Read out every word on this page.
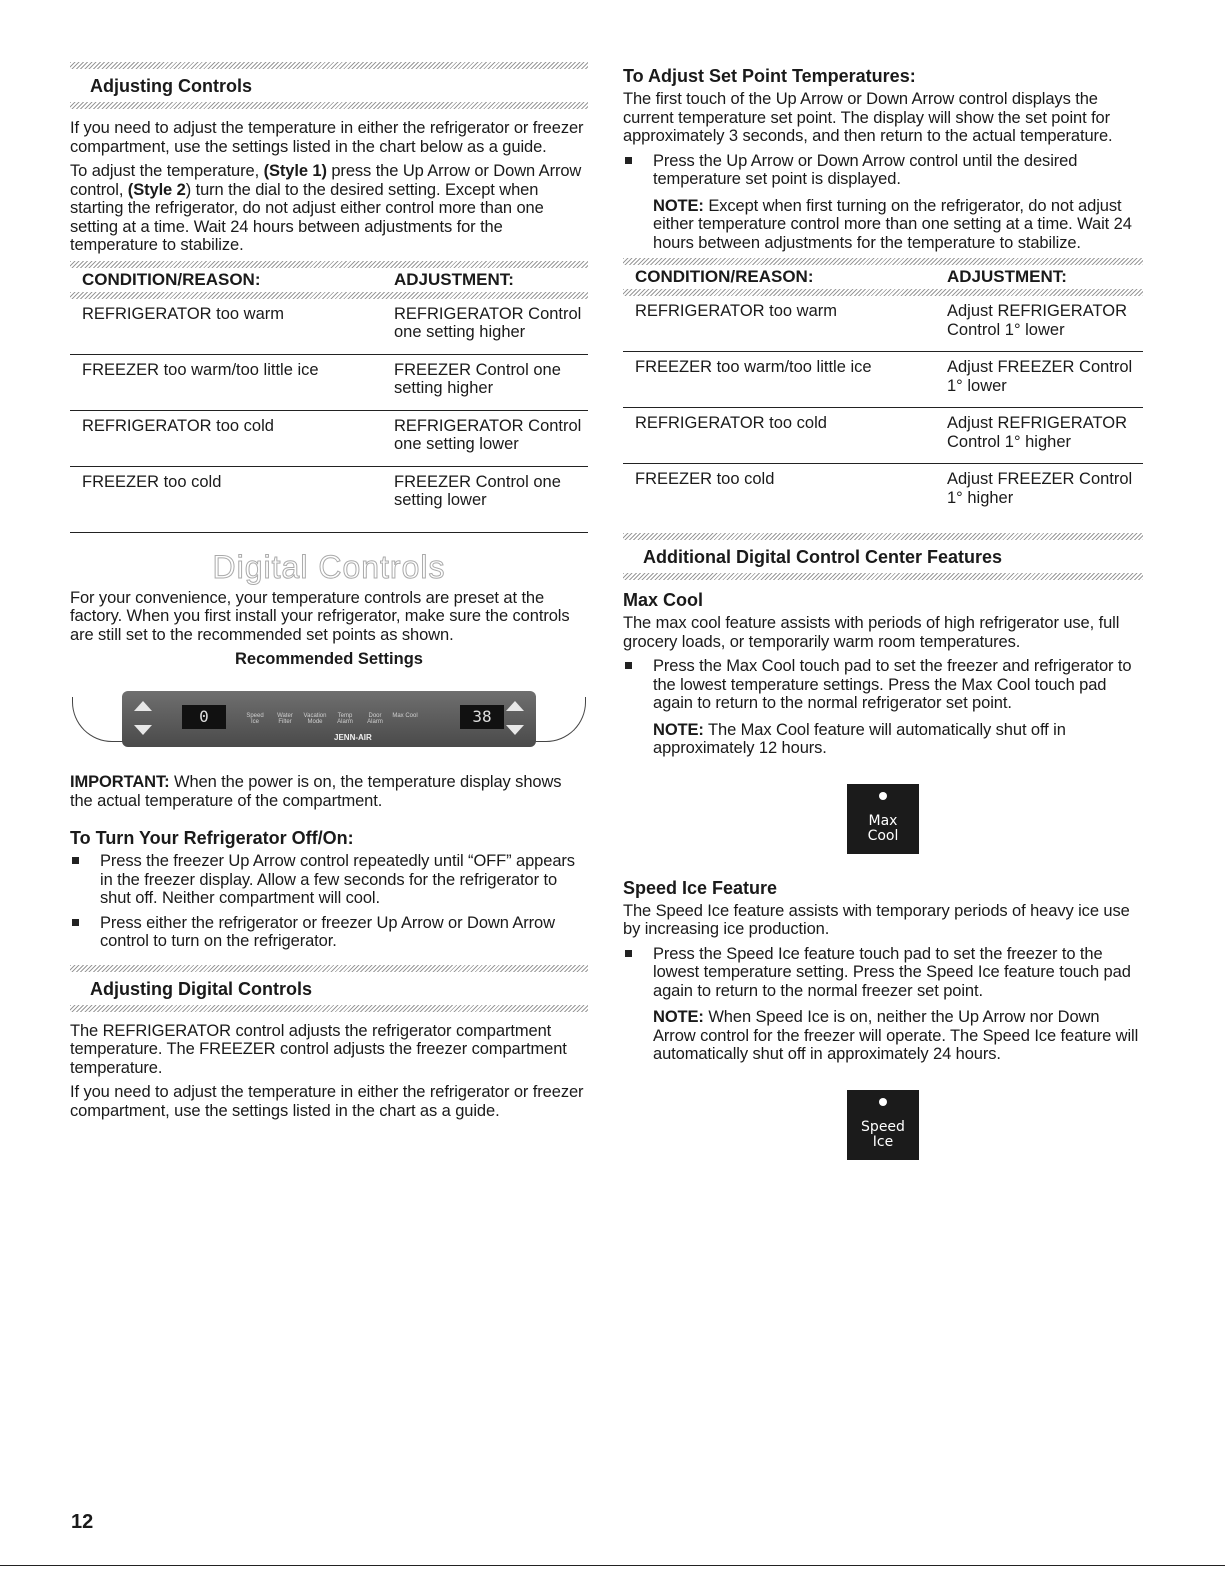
Adjusting Controls

If you need to adjust the temperature in either the refrigerator or freezer compartment, use the settings listed in the chart below as a guide.

To adjust the temperature, (Style 1) press the Up Arrow or Down Arrow control, (Style 2) turn the dial to the desired setting. Except when starting the refrigerator, do not adjust either control more than one setting at a time. Wait 24 hours between adjustments for the temperature to stabilize.

CONDITION/REASON:	ADJUSTMENT:

REFRIGERATOR too warm	REFRIGERATOR Control one setting higher
FREEZER too warm/too little ice	FREEZER Control one setting higher
REFRIGERATOR too cold	REFRIGERATOR Control one setting lower
FREEZER too cold	FREEZER Control one setting lower
Digital Controls

For your convenience, your temperature controls are preset at the factory. When you first install your refrigerator, make sure the controls are still set to the recommended set points as shown.

Recommended Settings
0	Speed Ice
Water Filter
Vacation Mode
Temp Alarm
Door Alarm
Max Cool
JENN-AIR
38

IMPORTANT: When the power is on, the temperature display shows the actual temperature of the compartment.

To Turn Your Refrigerator Off/On:

Press the freezer Up Arrow control repeatedly until “OFF” appears in the freezer display. Allow a few seconds for the refrigerator to shut off. Neither compartment will cool.

Press either the refrigerator or freezer Up Arrow or Down Arrow control to turn on the refrigerator.

Adjusting Digital Controls

The REFRIGERATOR control adjusts the refrigerator compartment temperature. The FREEZER control adjusts the freezer compartment temperature.

If you need to adjust the temperature in either the refrigerator or freezer compartment, use the settings listed in the chart as a guide.

To Adjust Set Point Temperatures:

The first touch of the Up Arrow or Down Arrow control displays the current temperature set point. The display will show the set point for approximately 3 seconds, and then return to the actual temperature.

Press the Up Arrow or Down Arrow control until the desired temperature set point is displayed.

NOTE: Except when first turning on the refrigerator, do not adjust either temperature control more than one setting at a time. Wait 24 hours between adjustments for the temperature to stabilize.

CONDITION/REASON:	ADJUSTMENT:

REFRIGERATOR too warm	Adjust REFRIGERATOR Control 1° lower
FREEZER too warm/too little ice	Adjust FREEZER Control 1° lower
REFRIGERATOR too cold	Adjust REFRIGERATOR Control 1° higher
FREEZER too cold	Adjust FREEZER Control 1° higher
Additional Digital Control Center Features
Max Cool

The max cool feature assists with periods of high refrigerator use, full grocery loads, or temporarily warm room temperatures.

Press the Max Cool touch pad to set the freezer and refrigerator to the lowest temperature settings. Press the Max Cool touch pad again to return to the normal refrigerator set point.

NOTE: The Max Cool feature will automatically shut off in approximately 12 hours.

Max
Cool
Speed Ice Feature

The Speed Ice feature assists with temporary periods of heavy ice use by increasing ice production.

Press the Speed Ice feature touch pad to set the freezer to the lowest temperature setting. Press the Speed Ice feature touch pad again to return to the normal freezer set point.

NOTE: When Speed Ice is on, neither the Up Arrow nor Down Arrow control for the freezer will operate. The Speed Ice feature will automatically shut off in approximately 24 hours.

Speed
Ice
12
